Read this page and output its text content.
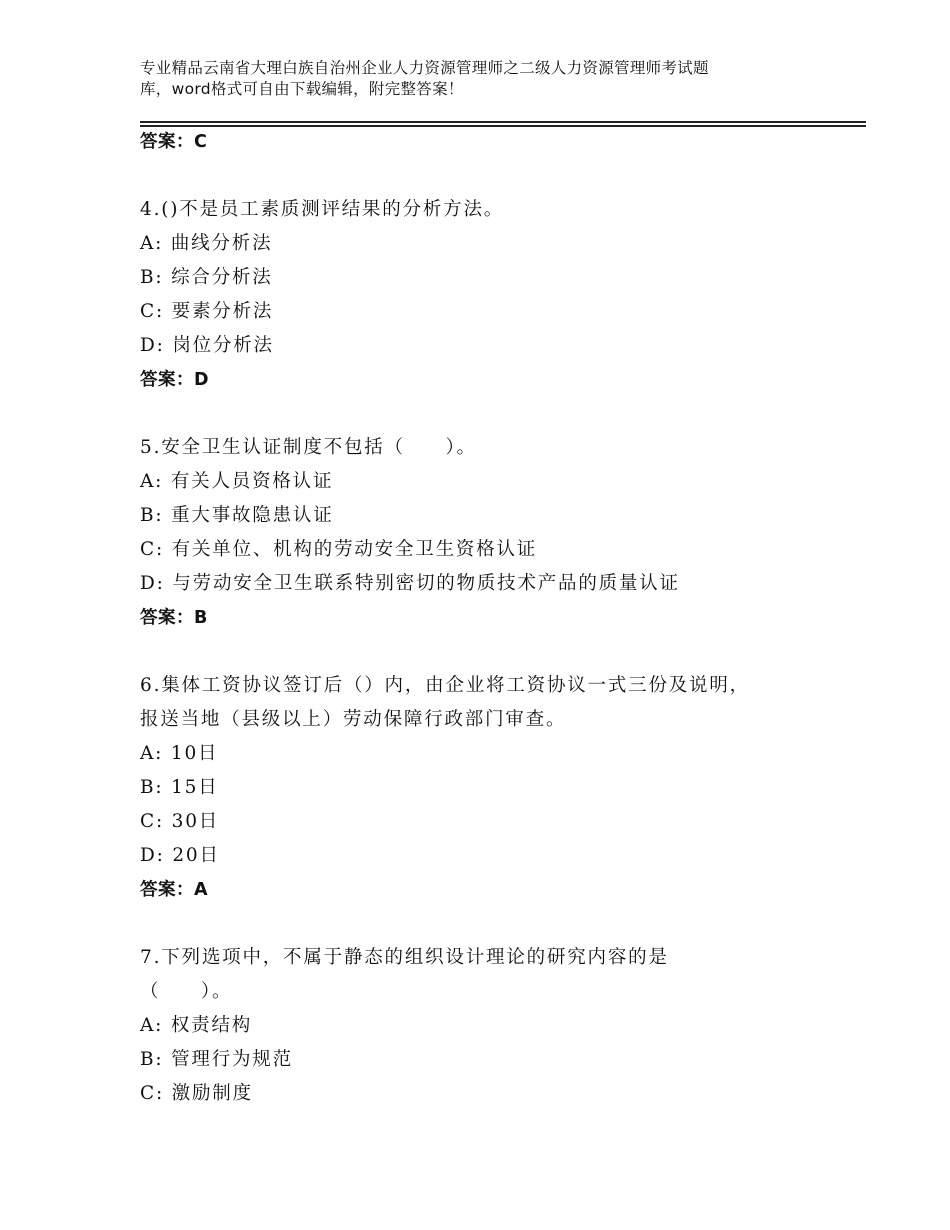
专业精品云南省大理白族自治州企业人力资源管理师之二级人力资源管理师考试题
库，word格式可自由下载编辑，附完整答案！
答案：C
4.()不是员工素质测评结果的分析方法。
A: 曲线分析法
B: 综合分析法
C: 要素分析法
D: 岗位分析法
答案：D
5.安全卫生认证制度不包括（　　）。
A: 有关人员资格认证
B: 重大事故隐患认证
C: 有关单位、机构的劳动安全卫生资格认证
D: 与劳动安全卫生联系特别密切的物质技术产品的质量认证
答案：B
6.集体工资协议签订后（）内，由企业将工资协议一式三份及说明，
报送当地（县级以上）劳动保障行政部门审查。
A: 10日
B: 15日
C: 30日
D: 20日
答案：A
7.下列选项中，不属于静态的组织设计理论的研究内容的是
（　　）。
A: 权责结构
B: 管理行为规范
C: 激励制度
